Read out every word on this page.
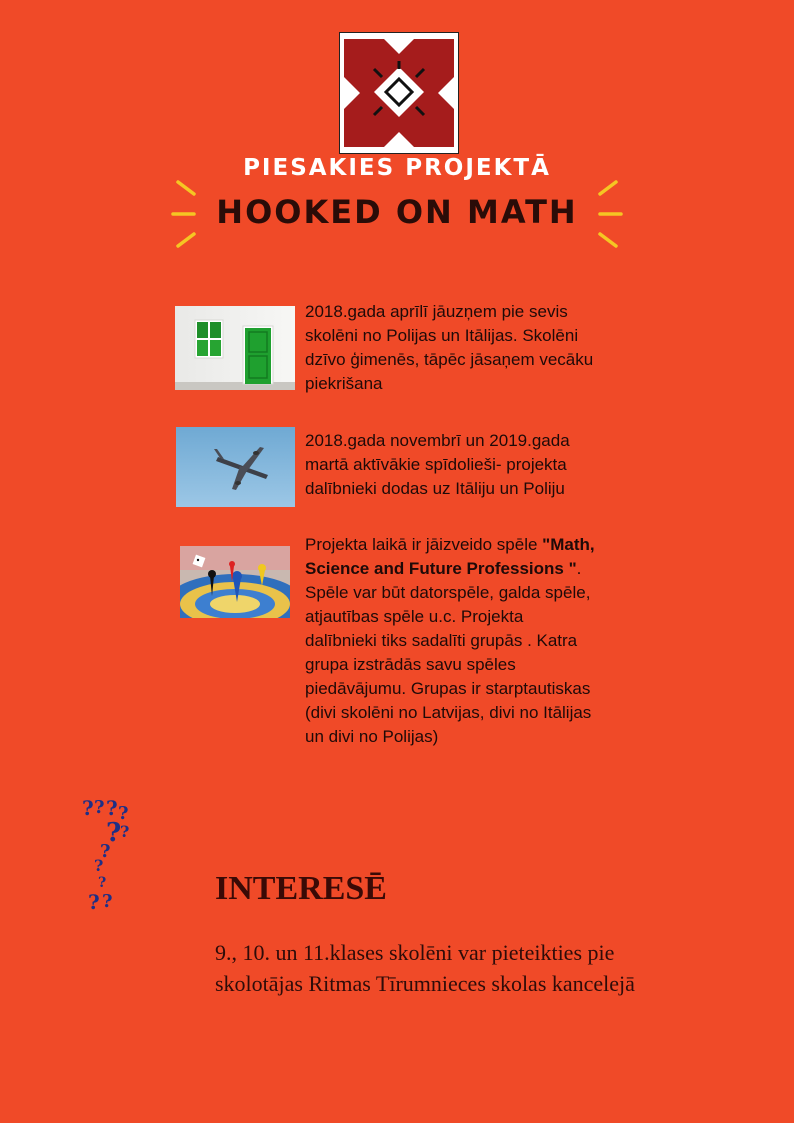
PIESAKIES PROJEKTĀ
HOOKED ON MATH
2018.gada aprīlī jāuzņem pie sevis skolēni no Polijas un Itālijas. Skolēni dzīvo ģimenēs, tāpēc jāsaņem vecāku piekrišana
2018.gada novembrī un 2019.gada martā aktīvākie spīdolieši- projekta dalībnieki dodas uz Itāliju un Poliju
Projekta laikā ir jāizveido spēle "Math, Science and Future Professions ". Spēle var būt datorspēle, galda spēle, atjautības spēle u.c. Projekta dalībnieki tiks sadalīti grupās . Katra grupa izstrādās savu spēles piedāvājumu. Grupas ir starptautiskas (divi skolēni no Latvijas, divi no Itālijas un divi no Polijas)
? ? ? ?
?
?
?
?
?
? ?	INTERESĒ
9., 10. un 11.klases skolēni var pieteikties pie skolotājas Ritmas Tīrumnieces skolas kancelejā
